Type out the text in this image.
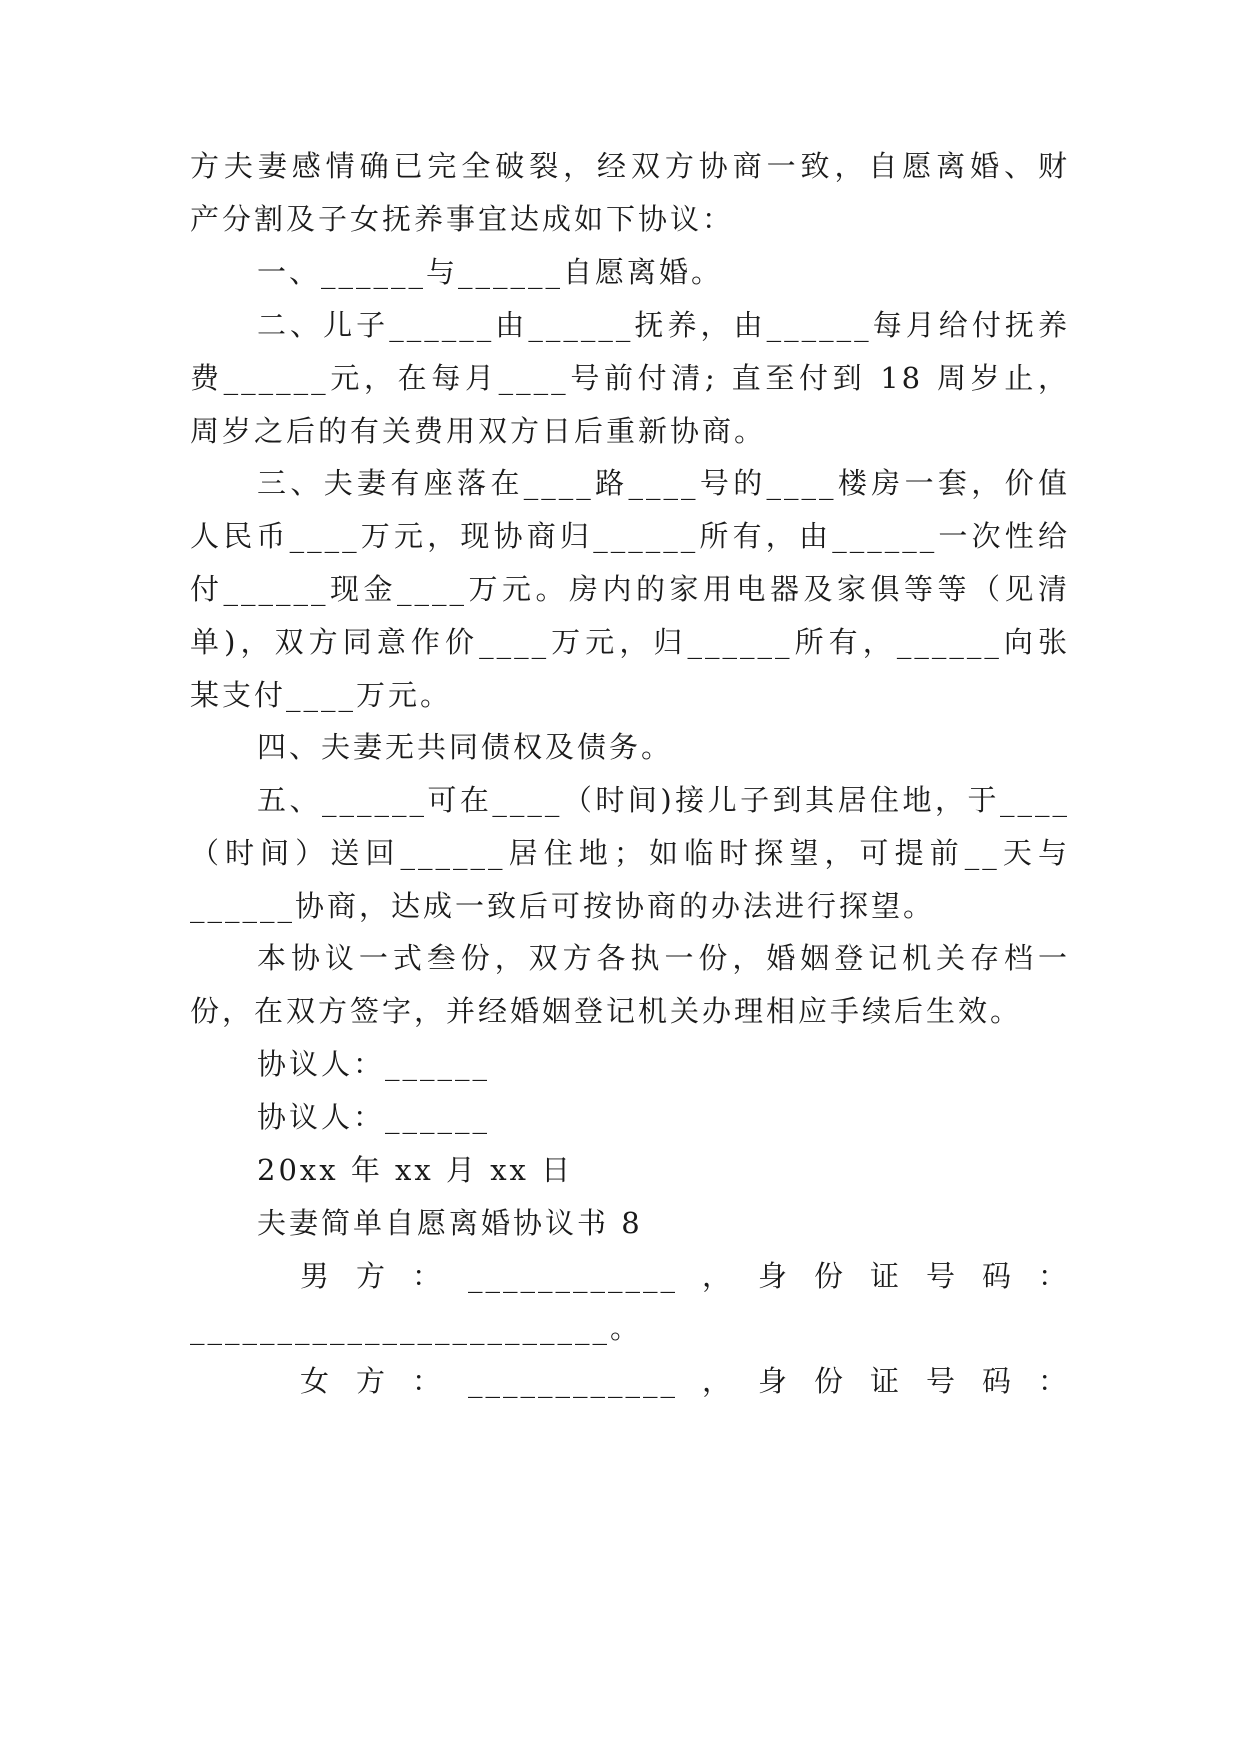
方夫妻感情确已完全破裂，经双方协商一致，自愿离婚、财

产分割及子女抚养事宜达成如下协议：

一、______与______自愿离婚。

二、儿子______由______抚养，由______每月给付抚养

费______元，在每月____号前付清; 直至付到 18 周岁止，

周岁之后的有关费用双方日后重新协商。

三、夫妻有座落在____路____号的____楼房一套，价值

人民币____万元，现协商归______所有，由______一次性给

付______现金____万元。房内的家用电器及家俱等等（见清

单)，双方同意作价____万元，归______所有，______向张

某支付____万元。

四、夫妻无共同债权及债务。

五、______可在____（时间)接儿子到其居住地，于____

（时间）送回______居住地；如临时探望，可提前__天与

______协商，达成一致后可按协商的办法进行探望。

本协议一式叁份，双方各执一份，婚姻登记机关存档一

份，在双方签字，并经婚姻登记机关办理相应手续后生效。

协议人：______

协议人：______

20xx 年 xx 月 xx 日

夫妻简单自愿离婚协议书 8

男方：____________，身份证号码：

________________________。

女方：____________，身份证号码：
